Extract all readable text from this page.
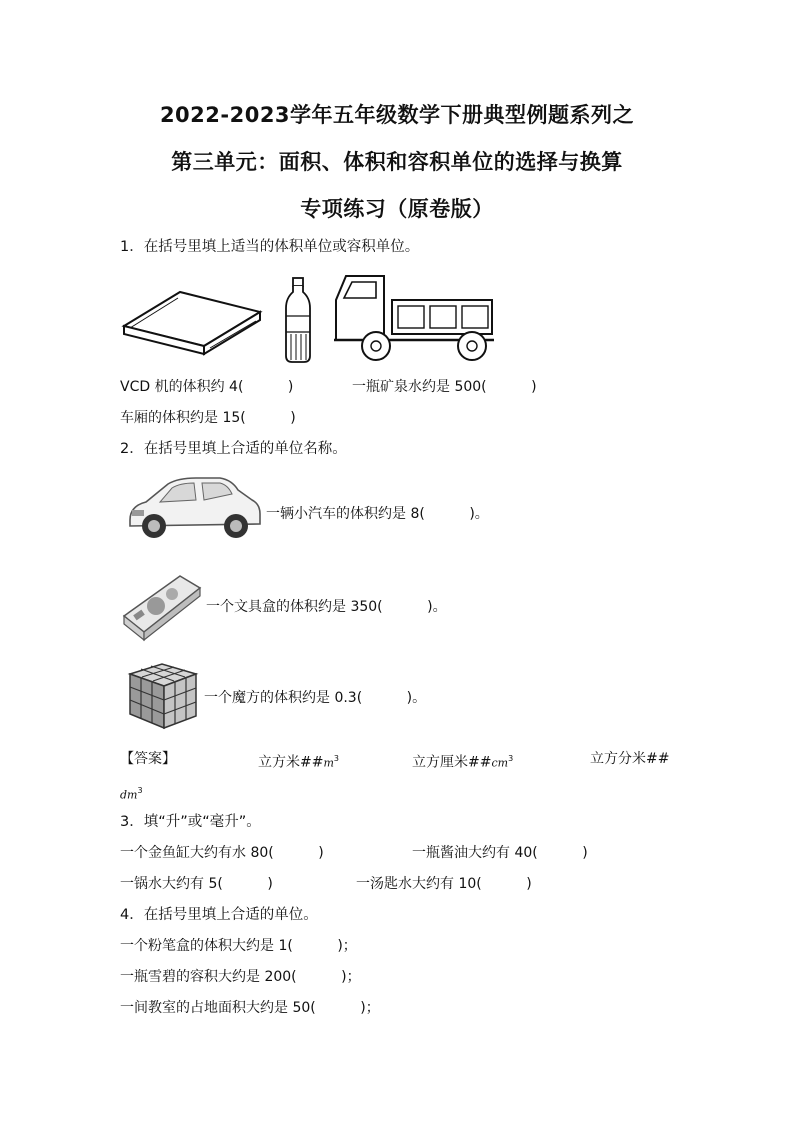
2022-2023学年五年级数学下册典型例题系列之
第三单元：面积、体积和容积单位的选择与换算
专项练习（原卷版）
1．在括号里填上适当的体积单位或容积单位。
VCD 机的体积约 4(          )	一瓶矿泉水约是 500(          )
车厢的体积约是 15(          )
2．在括号里填上合适的单位名称。
一辆小汽车的体积约是 8(          )。
一个文具盒的体积约是 350(          )。
一个魔方的体积约是 0.3(          )。
【答案】	立方米$\#\#m^3$	立方厘米$\#\#cm^3$	立方分米##
$dm^3$
3．填“升”或“毫升”。
一个金鱼缸大约有水 80(          )	一瓶酱油大约有 40(          )
一锅水大约有 5(          )	一汤匙水大约有 10(          )
4．在括号里填上合适的单位。
一个粉笔盒的体积大约是 1(          )；
一瓶雪碧的容积大约是 200(          )；
一间教室的占地面积大约是 50(          )；
